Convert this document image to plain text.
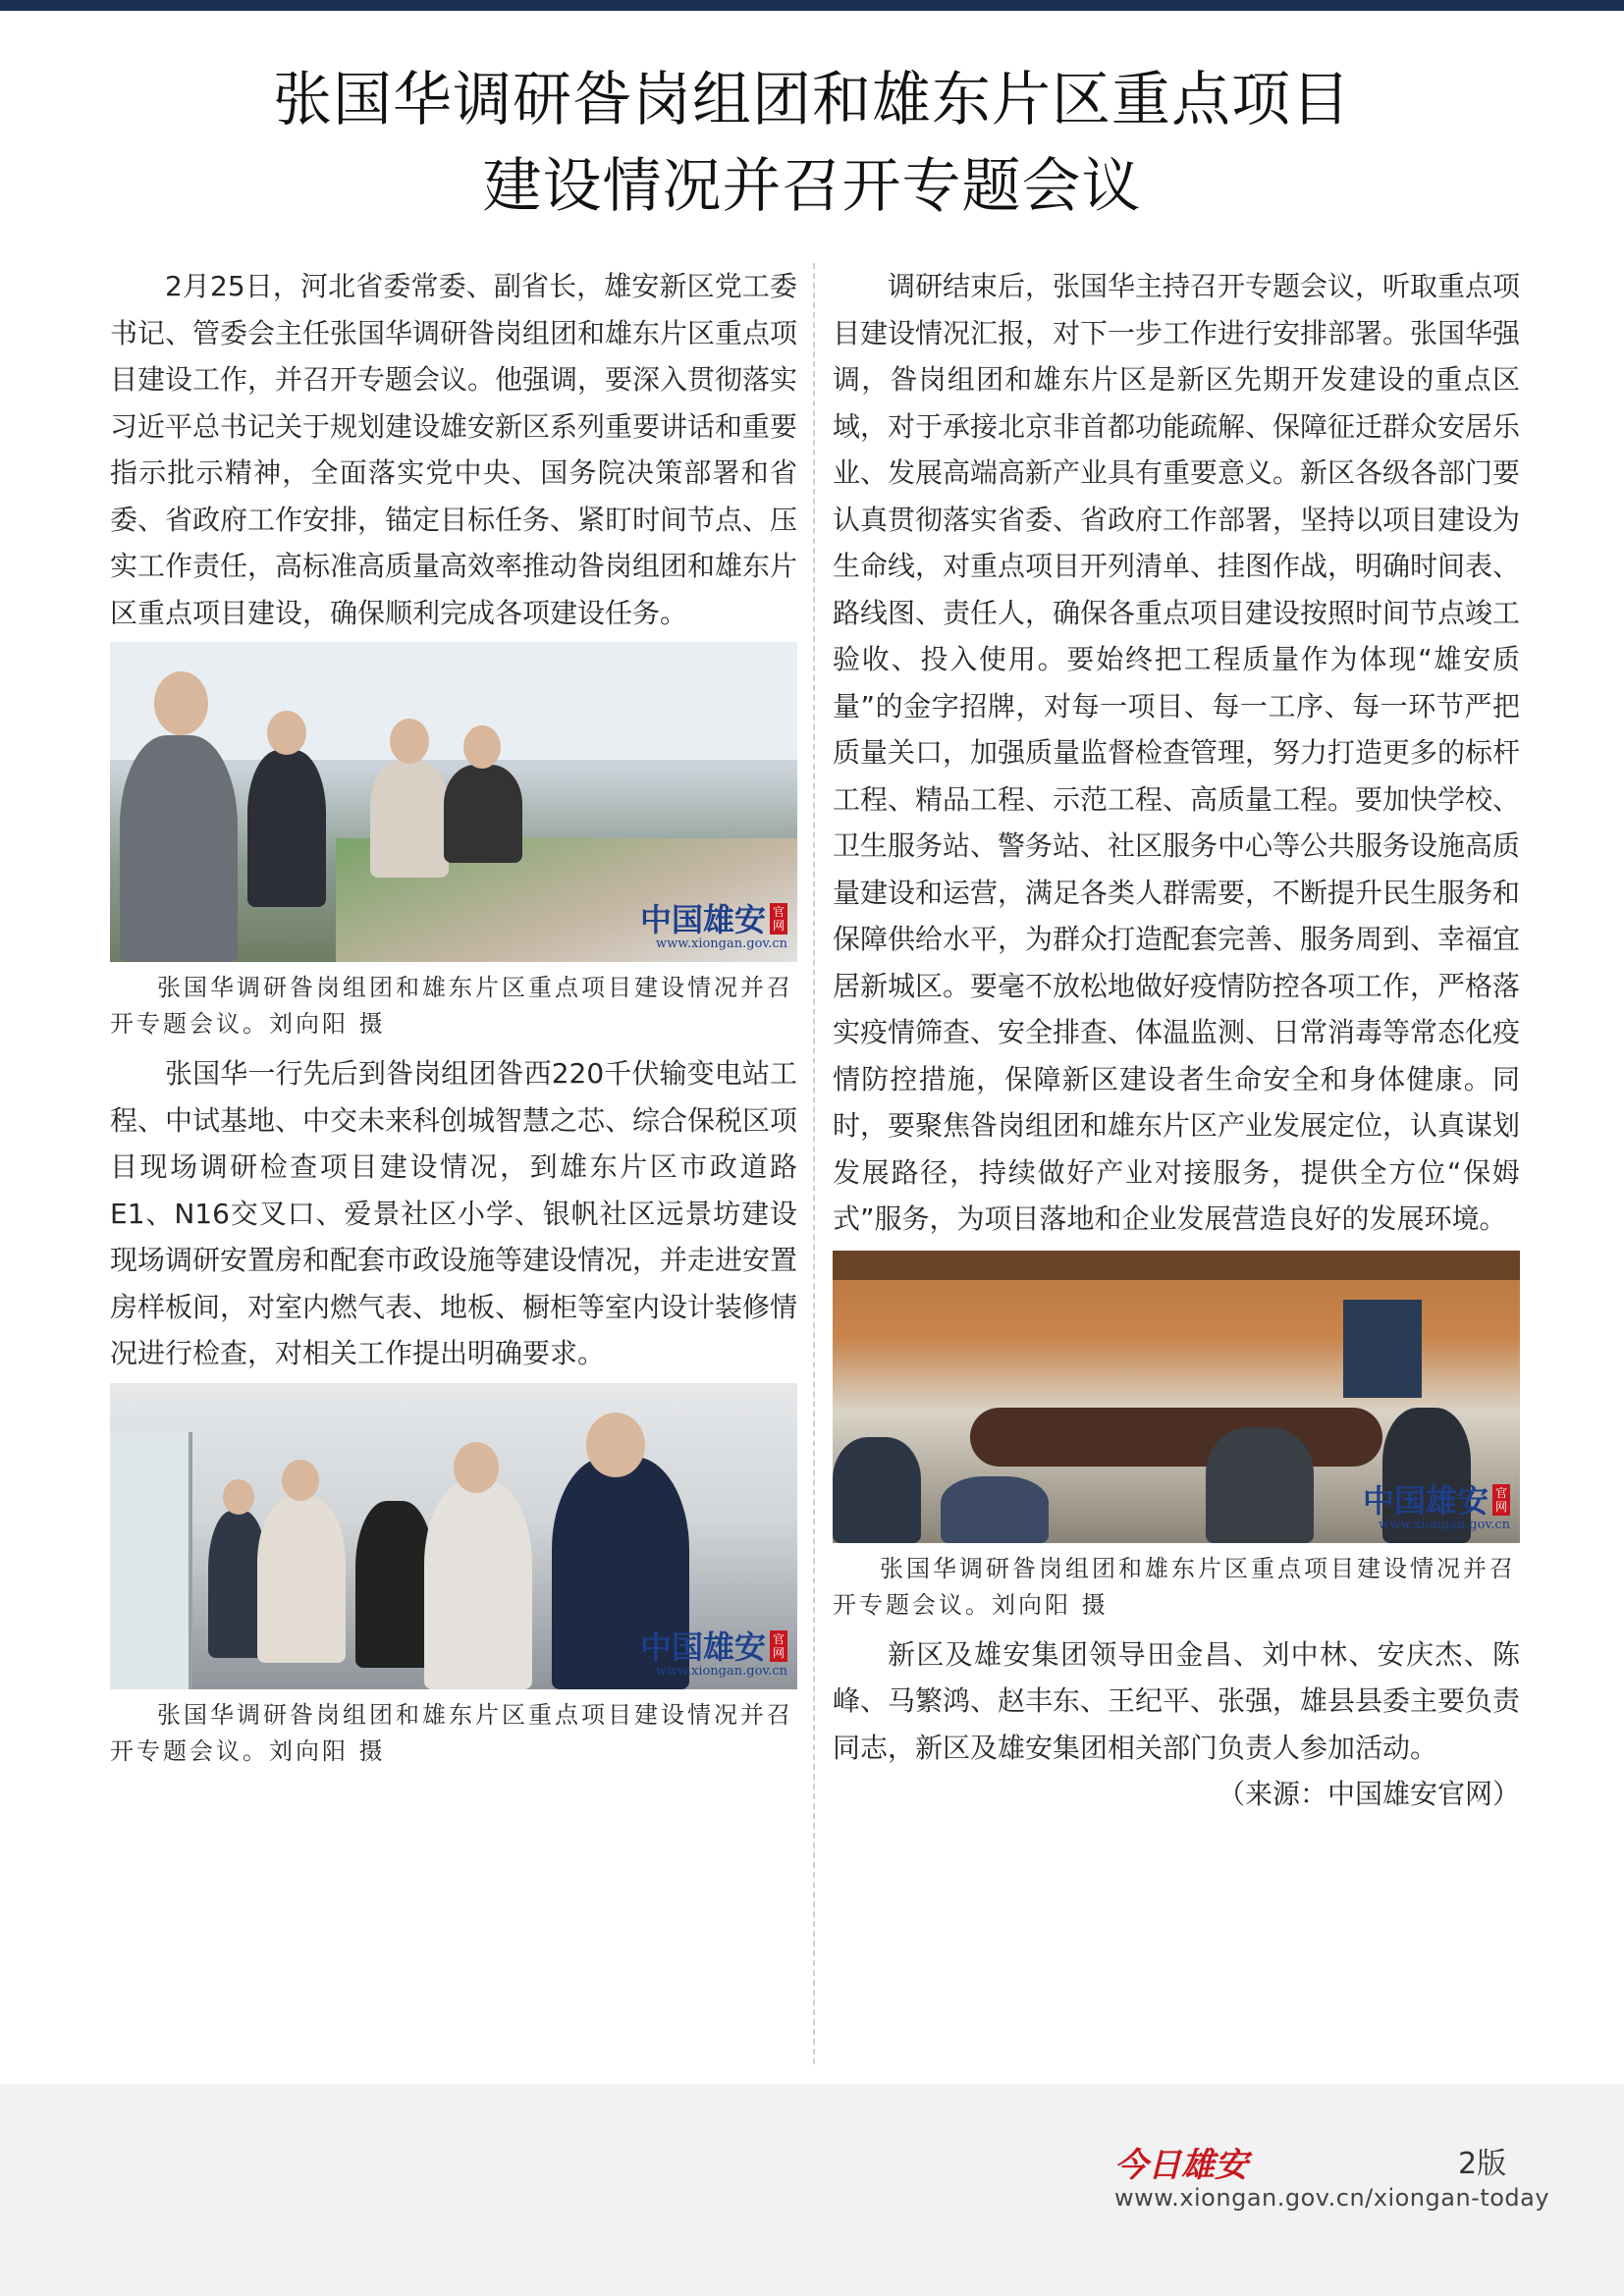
张国华调研昝岗组团和雄东片区重点项目
建设情况并召开专题会议

2月25日，河北省委常委、副省长，雄安新区党工委书记、管委会主任张国华调研昝岗组团和雄东片区重点项目建设工作，并召开专题会议。他强调，要深入贯彻落实习近平总书记关于规划建设雄安新区系列重要讲话和重要指示批示精神，全面落实党中央、国务院决策部署和省委、省政府工作安排，锚定目标任务、紧盯时间节点、压实工作责任，高标准高质量高效率推动昝岗组团和雄东片区重点项目建设，确保顺利完成各项建设任务。

中国雄安 官网
www.xiongan.gov.cn
张国华调研昝岗组团和雄东片区重点项目建设情况并召开专题会议。刘向阳 摄

张国华一行先后到昝岗组团昝西220千伏输变电站工程、中试基地、中交未来科创城智慧之芯、综合保税区项目现场调研检查项目建设情况，到雄东片区市政道路E1、N16交叉口、爱景社区小学、银帆社区远景坊建设现场调研安置房和配套市政设施等建设情况，并走进安置房样板间，对室内燃气表、地板、橱柜等室内设计装修情况进行检查，对相关工作提出明确要求。

中国雄安 官网
www.xiongan.gov.cn
张国华调研昝岗组团和雄东片区重点项目建设情况并召开专题会议。刘向阳 摄

调研结束后，张国华主持召开专题会议，听取重点项目建设情况汇报，对下一步工作进行安排部署。张国华强调，昝岗组团和雄东片区是新区先期开发建设的重点区域，对于承接北京非首都功能疏解、保障征迁群众安居乐业、发展高端高新产业具有重要意义。新区各级各部门要认真贯彻落实省委、省政府工作部署，坚持以项目建设为生命线，对重点项目开列清单、挂图作战，明确时间表、路线图、责任人，确保各重点项目建设按照时间节点竣工验收、投入使用。要始终把工程质量作为体现“雄安质量”的金字招牌，对每一项目、每一工序、每一环节严把质量关口，加强质量监督检查管理，努力打造更多的标杆工程、精品工程、示范工程、高质量工程。要加快学校、卫生服务站、警务站、社区服务中心等公共服务设施高质量建设和运营，满足各类人群需要，不断提升民生服务和保障供给水平，为群众打造配套完善、服务周到、幸福宜居新城区。要毫不放松地做好疫情防控各项工作，严格落实疫情筛查、安全排查、体温监测、日常消毒等常态化疫情防控措施，保障新区建设者生命安全和身体健康。同时，要聚焦昝岗组团和雄东片区产业发展定位，认真谋划发展路径，持续做好产业对接服务，提供全方位“保姆式”服务，为项目落地和企业发展营造良好的发展环境。

中国雄安 官网
www.xiongan.gov.cn
张国华调研昝岗组团和雄东片区重点项目建设情况并召开专题会议。刘向阳 摄

新区及雄安集团领导田金昌、刘中林、安庆杰、陈峰、马繁鸿、赵丰东、王纪平、张强，雄县县委主要负责同志，新区及雄安集团相关部门负责人参加活动。

（来源：中国雄安官网）

今日雄安	2版
www.xiongan.gov.cn/xiongan-today
